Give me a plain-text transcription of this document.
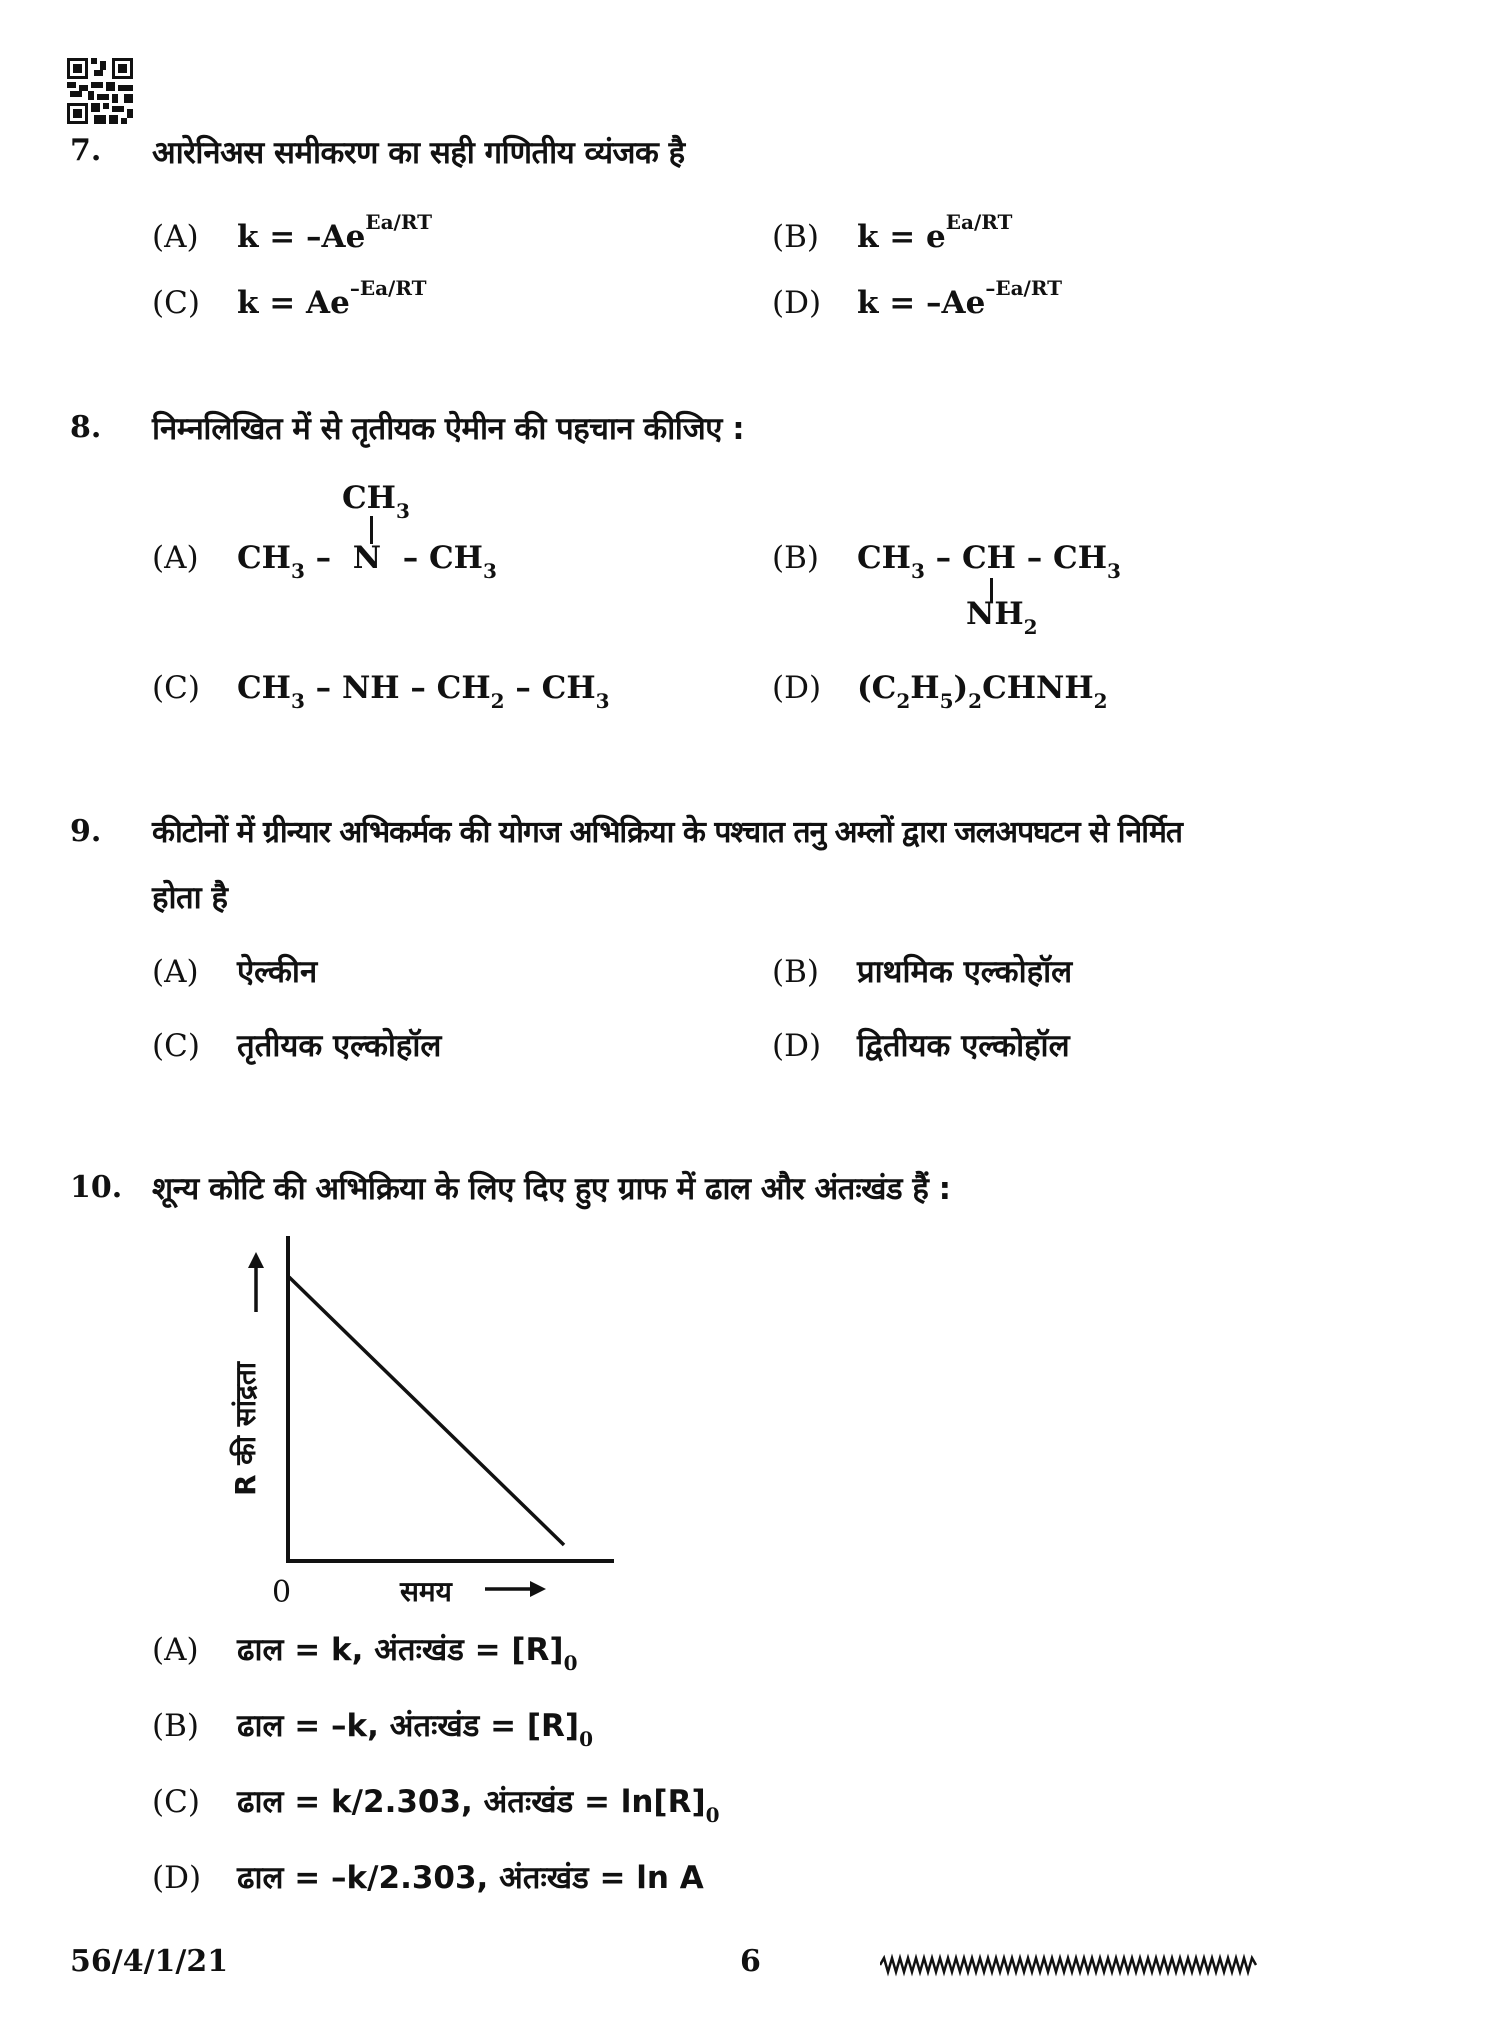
7. आरेनिअस समीकरण का सही गणितीय व्यंजक है
(A) $k = -Ae^{Ea/RT}$	(B) $k = e^{Ea/RT}$
(C) $k = Ae^{-Ea/RT}$	(D) $k = -Ae^{-Ea/RT}$
8. निम्नलिखित में से तृतीयक ऐमीन की पहचान कीजिए :
$CH_3$
(A) $CH_3$ –  N – $CH_3$	(B) $CH_3$ – CH – $CH_3$
$NH_2$
(C) $CH_3$ – NH – $CH_2 - CH_3$	(D) $(C_2H_5)_2CHNH_2$
9. कीटोनों में ग्रीन्यार अभिकर्मक की योगज अभिक्रिया के पश्चात तनु अम्लों द्वारा जलअपघटन से निर्मित
होता है
(A) ऐल्कीन	(B) प्राथमिक एल्कोहॉल
(C) तृतीयक एल्कोहॉल	(D) द्वितीयक एल्कोहॉल
10. शून्य कोटि की अभिक्रिया के लिए दिए हुए ग्राफ में ढाल और अंतःखंड हैं :
0	समय
R की सांद्रता
(A) ढाल = k, अंतःखंड = $[R]_0$
(B) ढाल = –k, अंतःखंड = $[R]_0$
(C) ढाल = k/2.303, अंतःखंड = $\ln[R]_0$
(D) ढाल = –k/2.303, अंतःखंड = ln A
56/4/1/21	6
